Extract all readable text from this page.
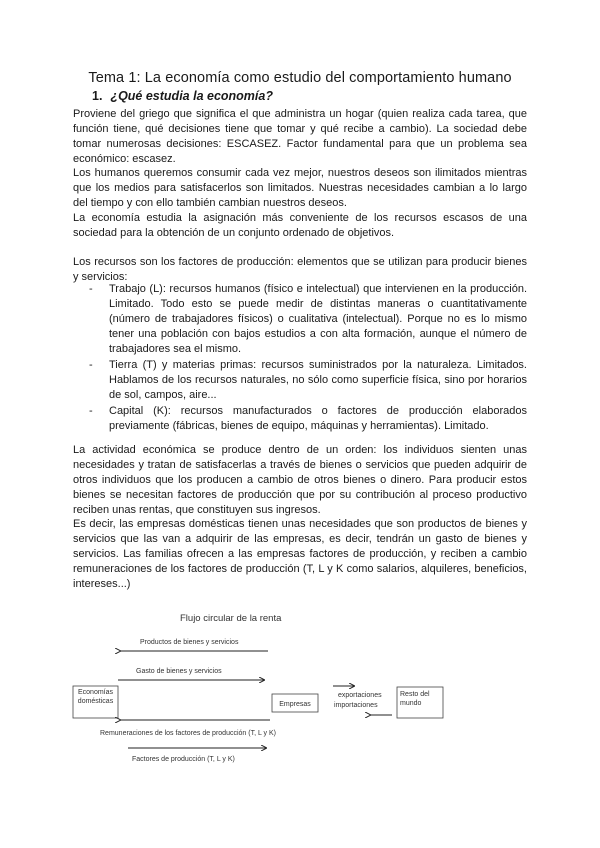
Tema 1: La economía como estudio del comportamiento humano
1. ¿Qué estudia la economía?

Proviene del griego que significa el que administra un hogar (quien realiza cada tarea, que función tiene, qué decisiones tiene que tomar y qué recibe a cambio). La sociedad debe tomar numerosas decisiones: ESCASEZ. Factor fundamental para que un problema sea económico: escasez.

Los humanos queremos consumir cada vez mejor, nuestros deseos son ilimitados mientras que los medios para satisfacerlos son limitados. Nuestras necesidades cambian a lo largo del tiempo y con ello también cambian nuestros deseos.

La economía estudia la asignación más conveniente de los recursos escasos de una sociedad para la obtención de un conjunto ordenado de objetivos.

Los recursos son los factores de producción: elementos que se utilizan para producir bienes y servicios:

- Trabajo (L): recursos humanos (físico e intelectual) que intervienen en la producción. Limitado. Todo esto se puede medir de distintas maneras o cuantitativamente (número de trabajadores físicos) o cualitativa (intelectual). Porque no es lo mismo tener una población con bajos estudios a con alta formación, aunque el número de trabajadores sea el mismo.
- Tierra (T) y materias primas: recursos suministrados por la naturaleza. Limitados. Hablamos de los recursos naturales, no sólo como superficie física, sino por horarios de sol, campos, aire...
- Capital (K): recursos manufacturados o factores de producción elaborados previamente (fábricas, bienes de equipo, máquinas y herramientas). Limitado.

La actividad económica se produce dentro de un orden: los individuos sienten unas necesidades y tratan de satisfacerlas a través de bienes o servicios que pueden adquirir de otros individuos que los producen a cambio de otros bienes o dinero. Para producir estos bienes se necesitan factores de producción que por su contribución al proceso productivo reciben unas rentas, que constituyen sus ingresos.

Es decir, las empresas domésticas tienen unas necesidades que son productos de bienes y servicios que las van a adquirir de las empresas, es decir, tendrán un gasto de bienes y servicios. Las familias ofrecen a las empresas factores de producción, y reciben a cambio remuneraciones de los factores de producción (T, L y K como salarios, alquileres, beneficios, intereses...)

Flujo circular de la renta
Productos de bienes y servicios
Gasto de bienes y servicios
Economías domésticas	Empresas
exportaciones
importaciones
Resto del mundo
Remuneraciones de los factores de producción (T, L y K)
Factores de producción (T, L y K)
